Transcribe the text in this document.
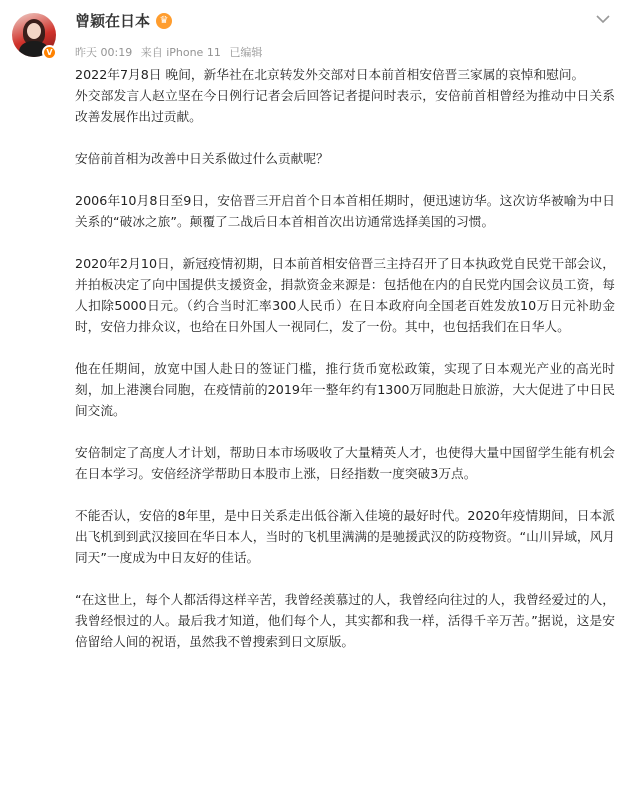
V
曾颖在日本 ♛
昨天 00:19 来自 iPhone 11 已编辑

2022年7月8日 晚间，新华社在北京转发外交部对日本前首相安倍晋三家属的哀悼和慰问。

外交部发言人赵立坚在今日例行记者会后回答记者提问时表示，安倍前首相曾经为推动中日关系改善发展作出过贡献。

安倍前首相为改善中日关系做过什么贡献呢？

2006年10月8日至9日，安倍晋三开启首个日本首相任期时，便迅速访华。这次访华被喻为中日关系的“破冰之旅”。颠覆了二战后日本首相首次出访通常选择美国的习惯。

2020年2月10日，新冠疫情初期，日本前首相安倍晋三主持召开了日本执政党自民党干部会议，并拍板决定了向中国提供支援资金，捐款资金来源是：包括他在内的自民党内国会议员工资，每人扣除5000日元。（约合当时汇率300人民币）在日本政府向全国老百姓发放10万日元补助金时，安倍力排众议，也给在日外国人一视同仁，发了一份。其中，也包括我们在日华人。

他在任期间，放宽中国人赴日的签证门槛，推行货币宽松政策，实现了日本观光产业的高光时刻，加上港澳台同胞，在疫情前的2019年一整年约有1300万同胞赴日旅游，大大促进了中日民间交流。

安倍制定了高度人才计划，帮助日本市场吸收了大量精英人才，也使得大量中国留学生能有机会在日本学习。安倍经济学帮助日本股市上涨，日经指数一度突破3万点。

不能否认，安倍的8年里，是中日关系走出低谷渐入佳境的最好时代。2020年疫情期间，日本派出飞机到到武汉接回在华日本人，当时的飞机里满满的是驰援武汉的防疫物资。“山川异域，风月同天”一度成为中日友好的佳话。

“在这世上，每个人都活得这样辛苦，我曾经羡慕过的人，我曾经向往过的人，我曾经爱过的人，我曾经恨过的人。最后我才知道，他们每个人，其实都和我一样，活得千辛万苦。”据说，这是安倍留给人间的祝语，虽然我不曾搜索到日文原版。
